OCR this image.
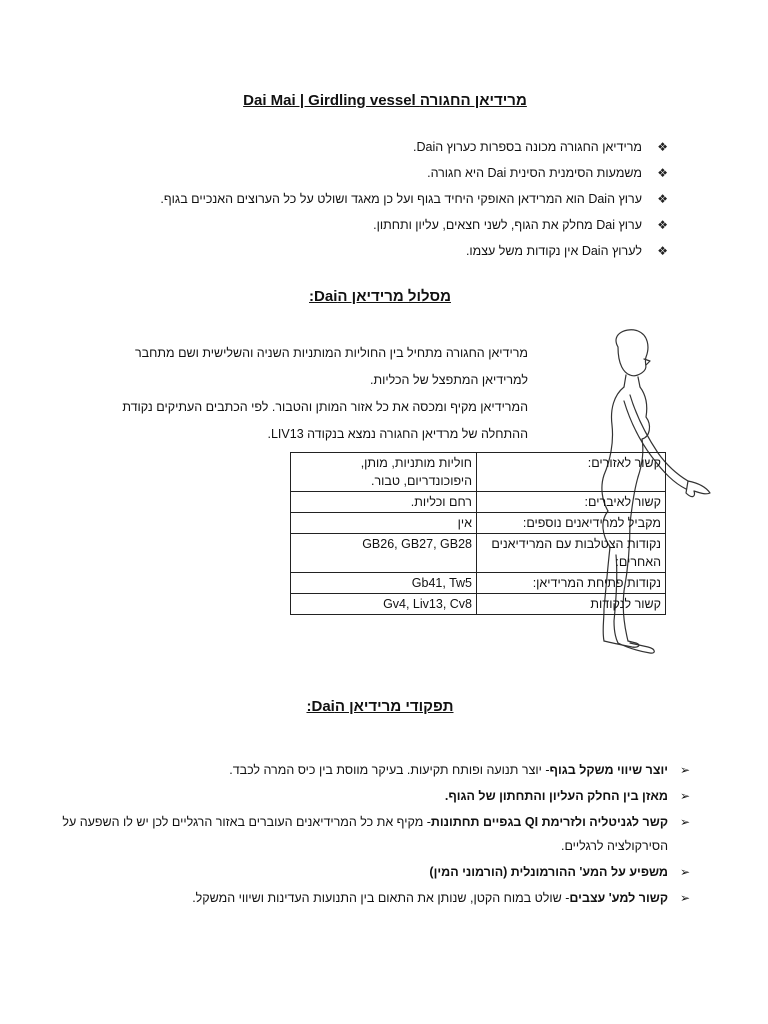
Dai Mai | Girdling vessel מרידיאן החגורה
❖
מרידיאן החגורה מכונה בספרות כערוץ הDai.
❖
משמעות הסימנית הסינית Dai היא חגורה.
❖
ערוץ הDai הוא המרידאן האופקי היחיד בגוף ועל כן מאגד ושולט על כל הערוצים האנכיים בגוף.
❖
ערוץ Dai מחלק את הגוף, לשני חצאים, עליון ותחתון.
❖
לערוץ הDai אין נקודות משל עצמו.
מסלול מרידיאן הDai:
מרידיאן החגורה מתחיל בין החוליות המותניות השניה והשלישית ושם מתחבר
למרידיאן המתפצל של הכליות.
המרידיאן מקיף ומכסה את כל אזור המותן והטבור. לפי הכתבים העתיקים נקודת
ההתחלה של מרדיאן החגורה נמצא בנקודה LIV13.
קשור לאזורים:	חוליות מותניות, מותן, היפוכונדריום, טבור.
קשור לאיברים:	רחם וכליות.
מקביל למרידיאנים נוספים:	אין
נקודות הצטלבות עם המרידיאנים האחרים:	GB26, GB27, GB28
נקודות פתיחת המרידיאן:	Gb41, Tw5
קשור לנקודות	Gv4, Liv13, Cv8
תפקודי מרידיאן הDai:
➢
יוצר שיווי משקל בגוף- יוצר תנועה ופותח תקיעות. בעיקר מווסת בין כיס המרה לכבד.
➢
מאזן בין החלק העליון והתחתון של הגוף.
➢
קשר לגניטליה ולזרימת QI בגפיים תחתונות- מקיף את כל המרידיאנים העוברים באזור הרגליים לכן יש לו השפעה על הסירקולציה לרגליים.
➢
משפיע על המע' ההורמונלית (הורמוני המין)
➢
קשור למע' עצבים- שולט במוח הקטן, שנותן את התאום בין התנועות העדינות ושיווי המשקל.
